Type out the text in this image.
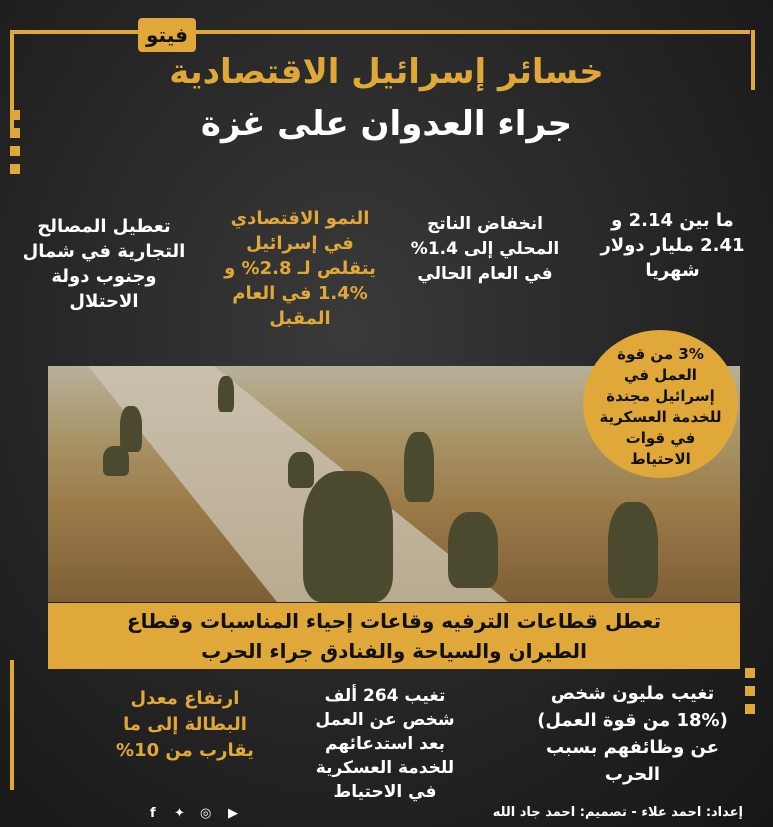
فيتو
خسائر إسرائيل الاقتصادية
جراء العدوان على غزة
ما بين 2.14 و
2.41 مليار دولار
شهريا
انخفاض الناتج
المحلي إلى 1.4%
في العام الحالي
النمو الاقتصادي
في إسرائيل
يتقلص لـ 2.8% و
1.4% في العام
المقبل
تعطيل المصالح
التجارية في شمال
وجنوب دولة
الاحتلال
3% من قوة
العمل في
إسرائيل مجندة
للخدمة العسكرية
في قوات
الاحتياط
تعطل قطاعات الترفيه وقاعات إحياء المناسبات وقطاع
الطيران والسياحة والفنادق جراء الحرب
تغيب مليون شخص
(18% من قوة العمل)
عن وظائفهم بسبب
الحرب
تغيب 264 ألف
شخص عن العمل
بعد استدعائهم
للخدمة العسكرية
في الاحتياط
ارتفاع معدل
البطالة إلى ما
يقارب من 10%
إعداد: احمد علاء - تصميم: احمد جاد الله
f ✦ ◎ ▶
